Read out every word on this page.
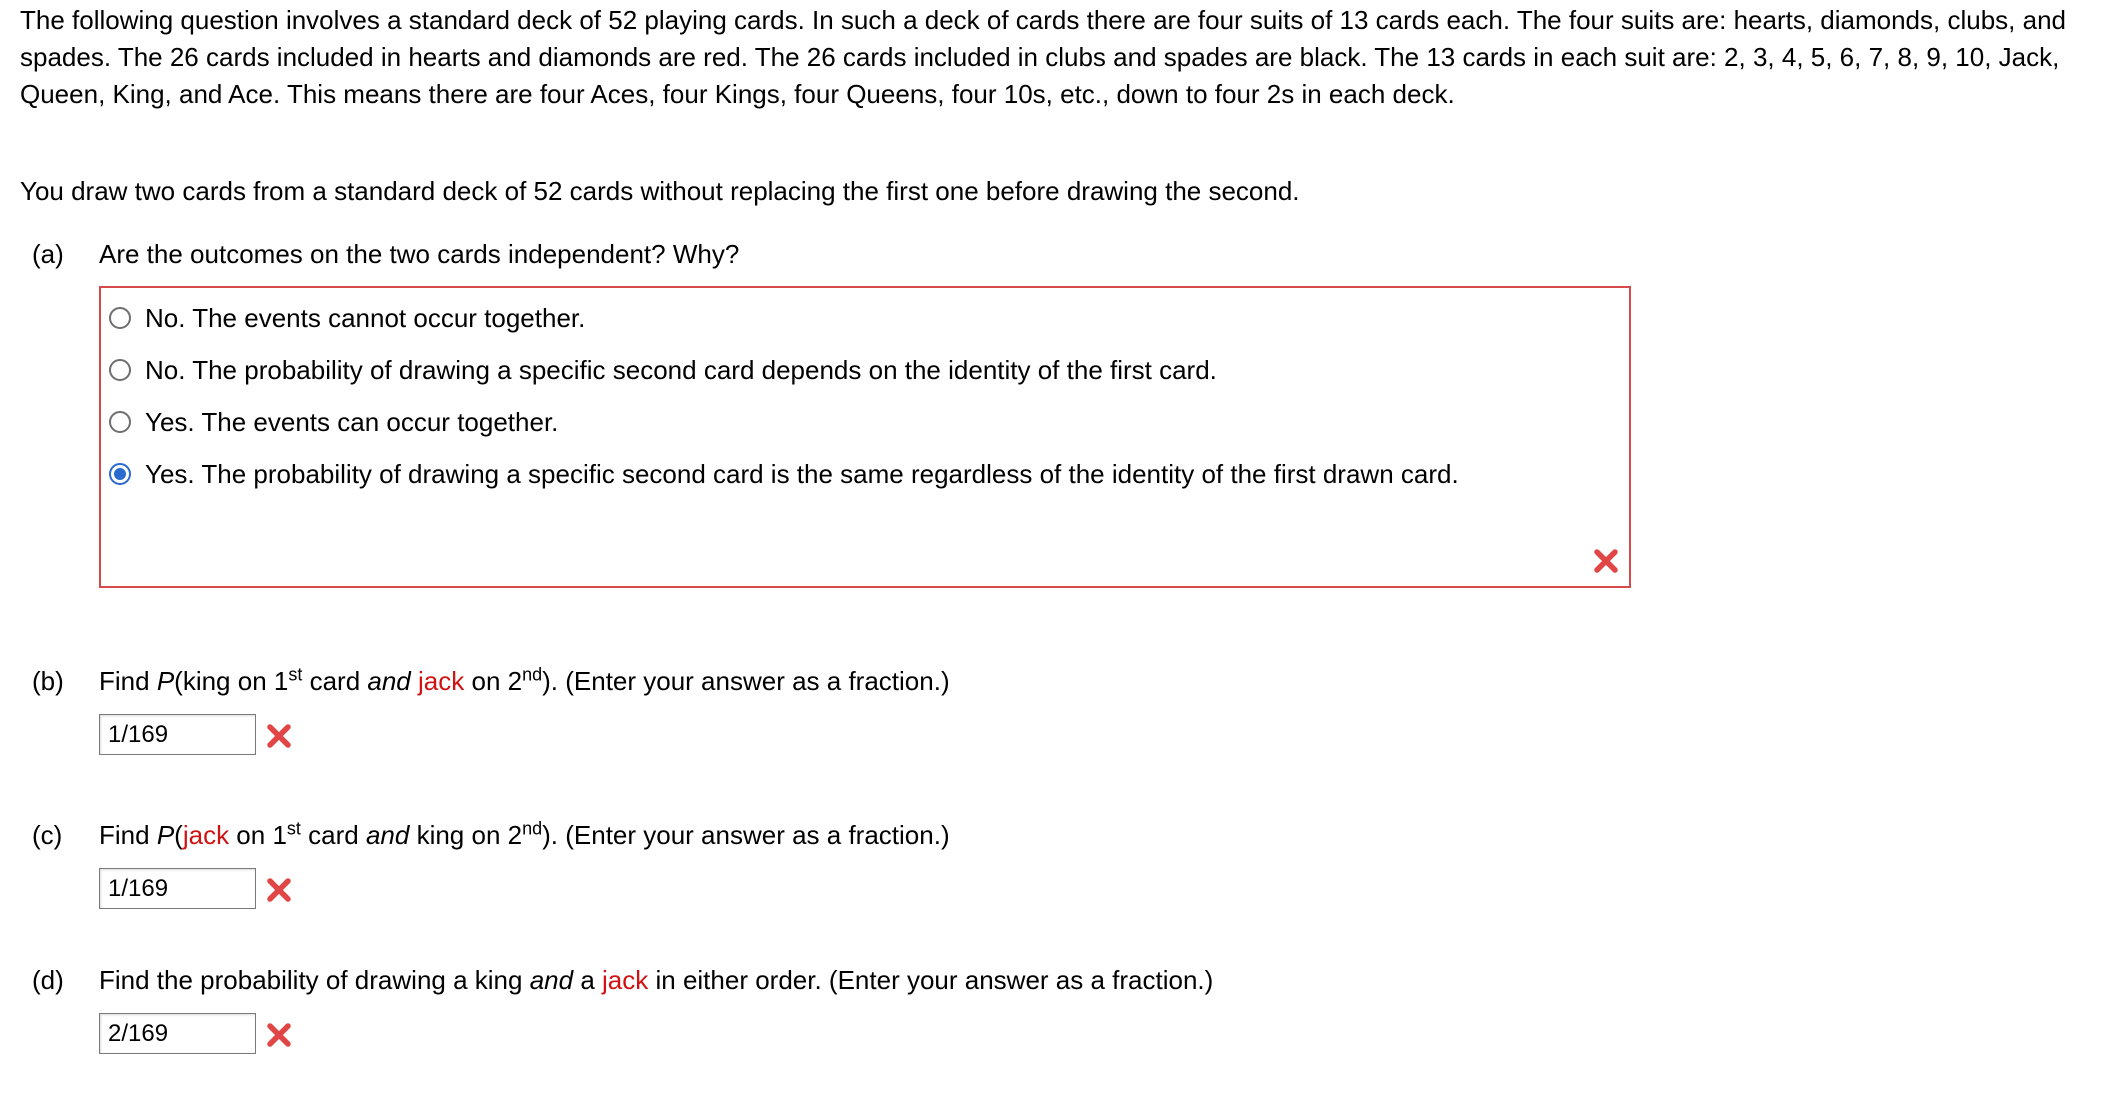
The following question involves a standard deck of 52 playing cards. In such a deck of cards there are four suits of 13 cards each. The four suits are: hearts, diamonds, clubs, and spades. The 26 cards included in hearts and diamonds are red. The 26 cards included in clubs and spades are black. The 13 cards in each suit are: 2, 3, 4, 5, 6, 7, 8, 9, 10, Jack, Queen, King, and Ace. This means there are four Aces, four Kings, four Queens, four 10s, etc., down to four 2s in each deck.

You draw two cards from a standard deck of 52 cards without replacing the first one before drawing the second.

(a) Are the outcomes on the two cards independent? Why?
No. The events cannot occur together.
No. The probability of drawing a specific second card depends on the identity of the first card.
Yes. The events can occur together.
Yes. The probability of drawing a specific second card is the same regardless of the identity of the first drawn card.
(b) Find P(king on 1st card and jack on 2nd). (Enter your answer as a fraction.)
1/169
(c) Find P(jack on 1st card and king on 2nd). (Enter your answer as a fraction.)
1/169
(d) Find the probability of drawing a king and a jack in either order. (Enter your answer as a fraction.)
2/169
